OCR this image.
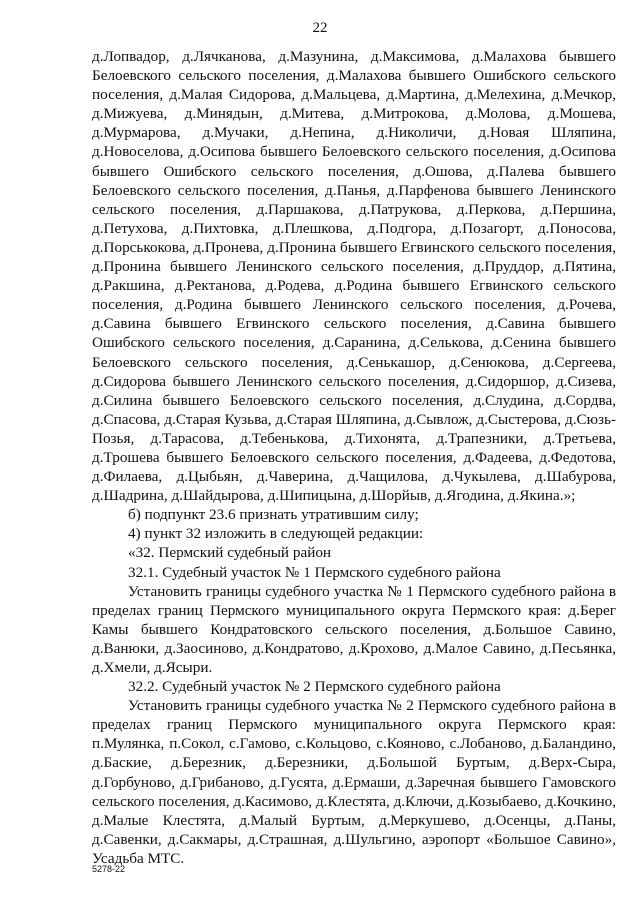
22

д.Лопвадор, д.Лячканова, д.Мазунина, д.Максимова, д.Малахова бывшего Белоевского сельского поселения, д.Малахова бывшего Ошибского сельского поселения, д.Малая Сидорова, д.Мальцева, д.Мартина, д.Мелехина, д.Мечкор, д.Мижуева, д.Минядын, д.Митева, д.Митрокова, д.Молова, д.Мошева, д.Мурмарова, д.Мучаки, д.Непина, д.Николичи, д.Новая Шляпина, д.Новоселова, д.Осипова бывшего Белоевского сельского поселения, д.Осипова бывшего Ошибского сельского поселения, д.Ошова, д.Палева бывшего Белоевского сельского поселения, д.Панья, д.Парфенова бывшего Ленинского сельского поселения, д.Паршакова, д.Патрукова, д.Перкова, д.Першина, д.Петухова, д.Пихтовка, д.Плешкова, д.Подгора, д.Позагорт, д.Поносова, д.Порськокова, д.Пронева, д.Пронина бывшего Егвинского сельского поселения, д.Пронина бывшего Ленинского сельского поселения, д.Пруддор, д.Пятина, д.Ракшина, д.Ректанова, д.Родева, д.Родина бывшего Егвинского сельского поселения, д.Родина бывшего Ленинского сельского поселения, д.Рочева, д.Савина бывшего Егвинского сельского поселения, д.Савина бывшего Ошибского сельского поселения, д.Саранина, д.Селькова, д.Сенина бывшего Белоевского сельского поселения, д.Сенькашор, д.Сенюкова, д.Сергеева, д.Сидорова бывшего Ленинского сельского поселения, д.Сидоршор, д.Сизева, д.Силина бывшего Белоевского сельского поселения, д.Слудина, д.Сордва, д.Спасова, д.Старая Кузьва, д.Старая Шляпина, д.Сывлож, д.Сыстерова, д.Сюзь-Позья, д.Тарасова, д.Тебенькова, д.Тихонята, д.Трапезники, д.Третьева, д.Трошева бывшего Белоевского сельского поселения, д.Фадеева, д.Федотова, д.Филаева, д.Цыбьян, д.Чаверина, д.Чащилова, д.Чукылева, д.Шабурова, д.Шадрина, д.Шайдырова, д.Шипицына, д.Шорйыв, д.Ягодина, д.Якина.»;

б) подпункт 23.6 признать утратившим силу;

4) пункт 32 изложить в следующей редакции:

«32. Пермский судебный район

32.1. Судебный участок № 1 Пермского судебного района

Установить границы судебного участка № 1 Пермского судебного района в пределах границ Пермского муниципального округа Пермского края: д.Берег Камы бывшего Кондратовского сельского поселения, д.Большое Савино, д.Ванюки, д.Заосиново, д.Кондратово, д.Крохово, д.Малое Савино, д.Песьянка, д.Хмели, д.Ясыри.

32.2. Судебный участок № 2 Пермского судебного района

Установить границы судебного участка № 2 Пермского судебного района в пределах границ Пермского муниципального округа Пермского края: п.Мулянка, п.Сокол, с.Гамово, с.Кольцово, с.Кояново, с.Лобаново, д.Баландино, д.Баские, д.Березник, д.Березники, д.Большой Буртым, д.Верх-Сыра, д.Горбуново, д.Грибаново, д.Гусята, д.Ермаши, д.Заречная бывшего Гамовского сельского поселения, д.Касимово, д.Клестята, д.Ключи, д.Козыбаево, д.Кочкино, д.Малые Клестята, д.Малый Буртым, д.Меркушево, д.Осенцы, д.Паны, д.Савенки, д.Сакмары, д.Страшная, д.Шульгино, аэропорт «Большое Савино», Усадьба МТС.

5278-22
